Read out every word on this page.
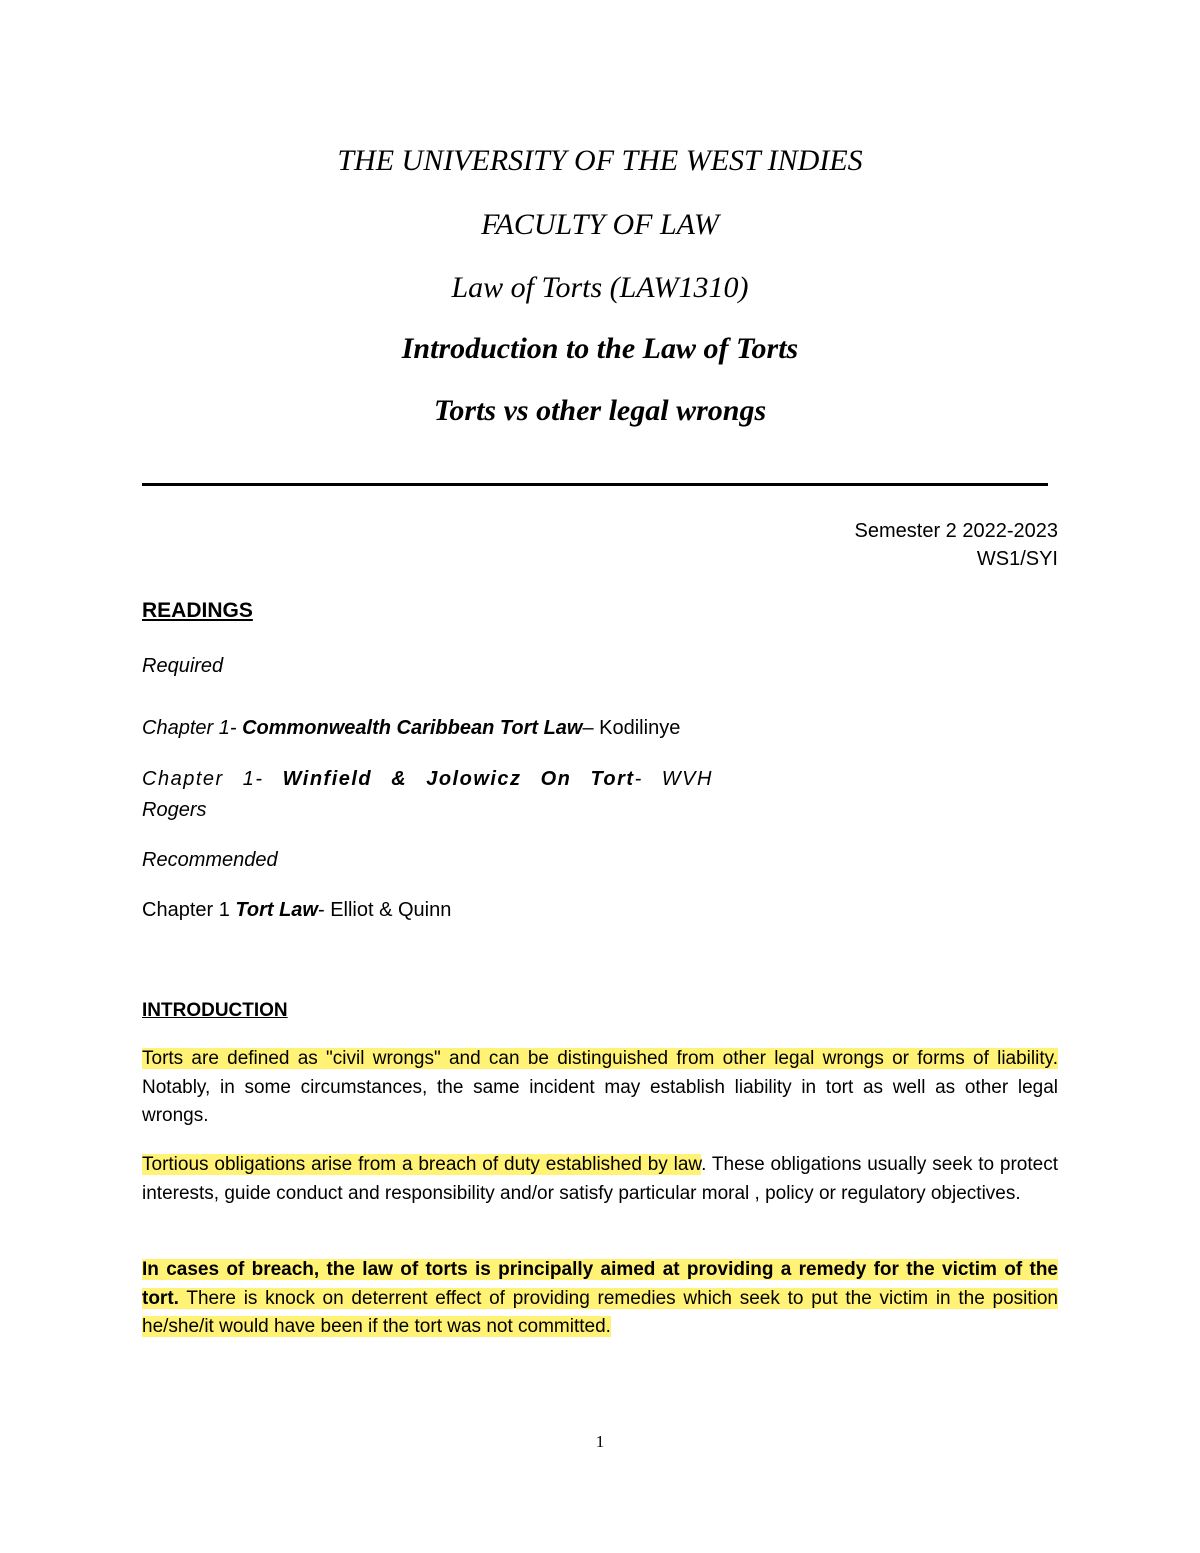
THE UNIVERSITY OF THE WEST INDIES
FACULTY OF LAW
Law of Torts (LAW1310)
Introduction to the Law of Torts
Torts vs other legal wrongs
Semester 2 2022-2023
WS1/SYI
READINGS
Required
Chapter 1- Commonwealth Caribbean Tort Law– Kodilinye
Chapter 1- Winfield & Jolowicz On Tort- WVH
Rogers
Recommended
Chapter 1 Tort Law- Elliot & Quinn
INTRODUCTION
Torts are defined as "civil wrongs" and can be distinguished from other legal wrongs or forms of liability. Notably, in some circumstances, the same incident may establish liability in tort as well as other legal wrongs.
Tortious obligations arise from a breach of duty established by law. These obligations usually seek to protect interests, guide conduct and responsibility and/or satisfy particular moral , policy or regulatory objectives.
In cases of breach, the law of torts is principally aimed at providing a remedy for the victim of the tort. There is knock on deterrent effect of providing remedies which seek to put the victim in the position he/she/it would have been if the tort was not committed.
1
